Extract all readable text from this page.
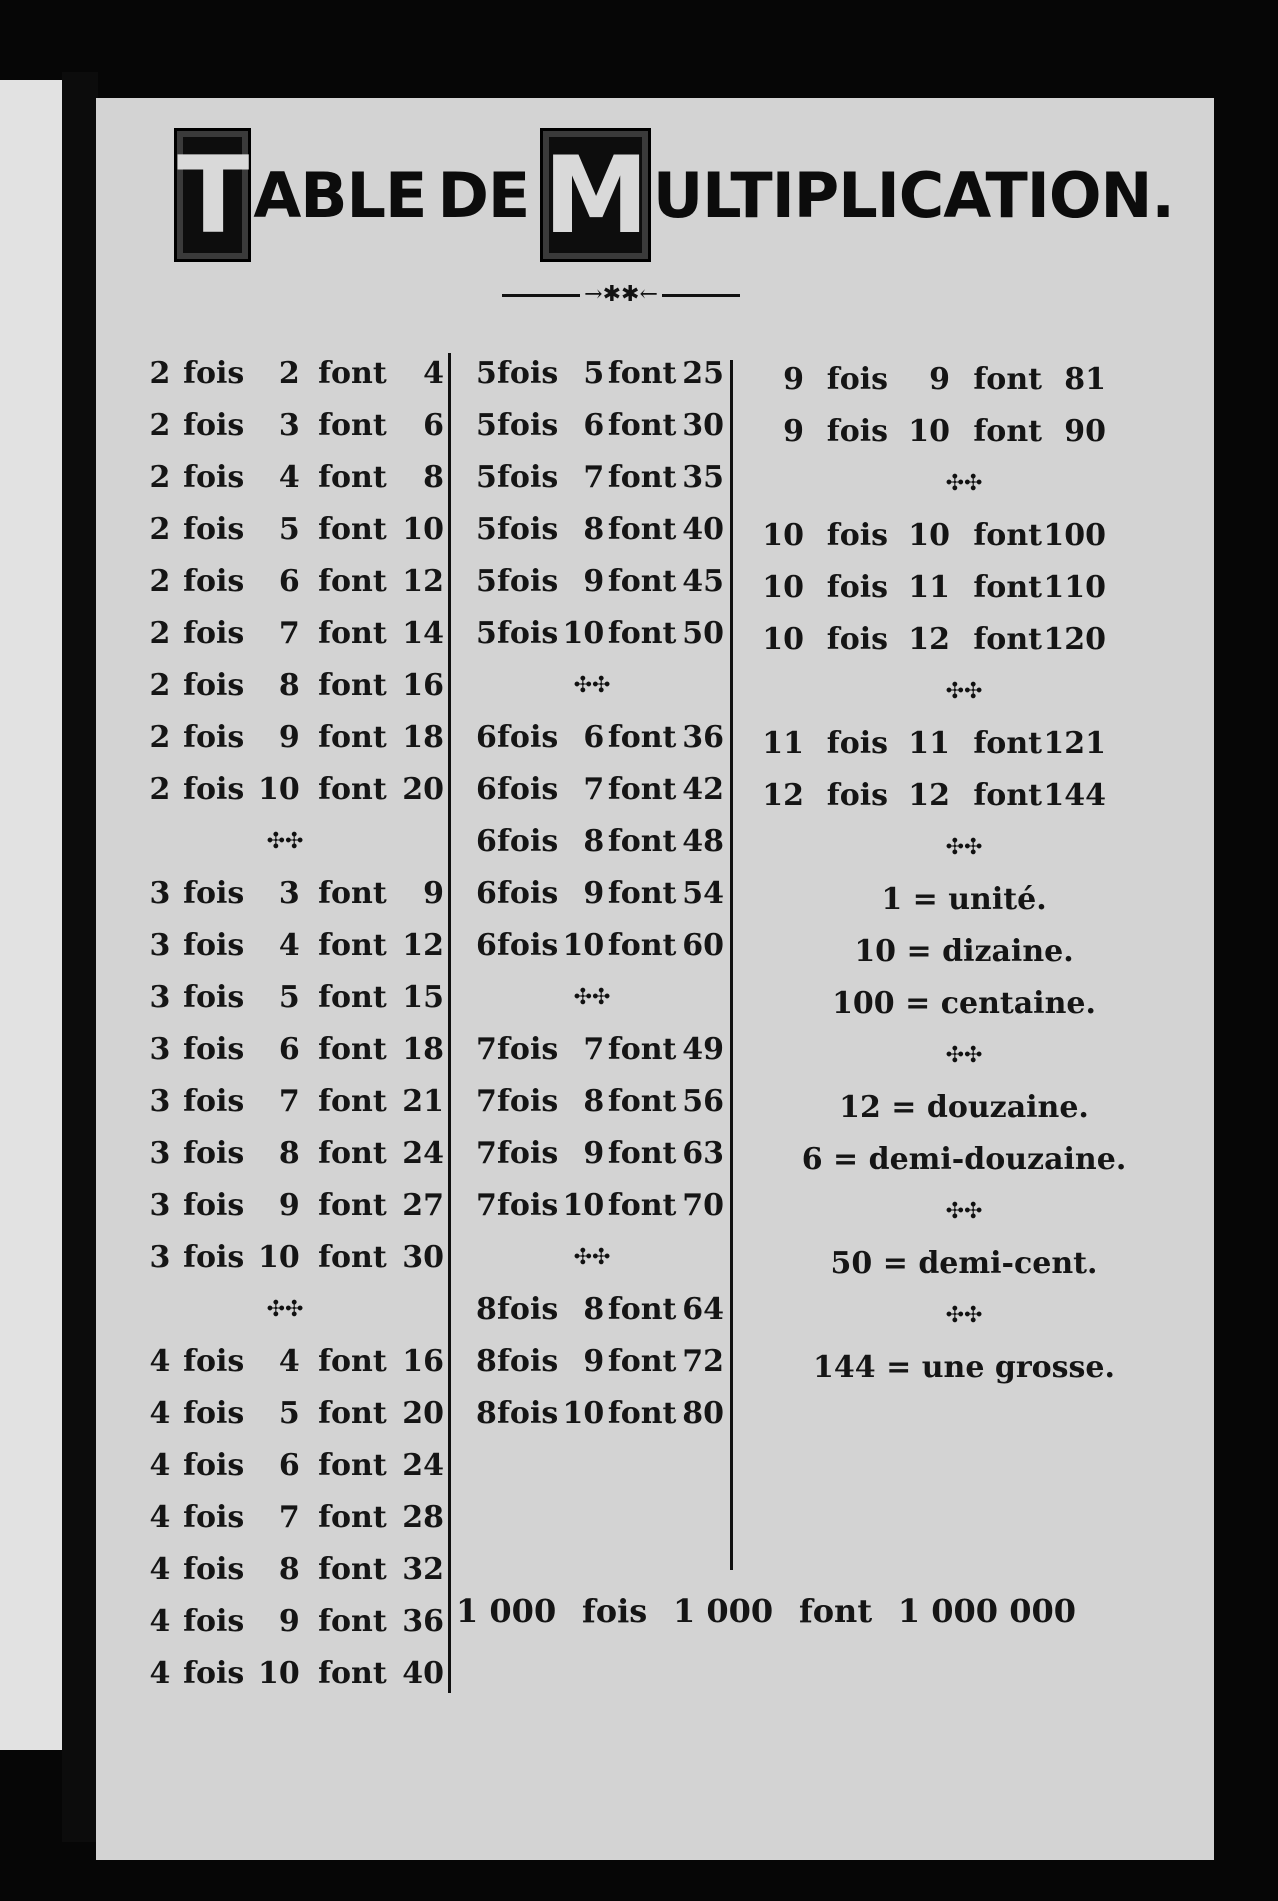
T ABLE DE M ULTIPLICATION.
→✱✱←
2 fois	2 font	4
2 fois	3 font	6
2 fois	4 font	8
2 fois	5 font 10
2 fois	6 font 12
2 fois	7 font 14
2 fois	8 font 16
2 fois	9 font 18
2 fois 10 font 20
✣✣
3 fois	3 font	9
3 fois	4 font 12
3 fois	5 font 15
3 fois	6 font 18
3 fois	7 font 21
3 fois	8 font 24
3 fois	9 font 27
3 fois 10 font 30
✣✣
4 fois	4 font 16
4 fois	5 font 20
4 fois	6 font 24
4 fois	7 font 28
4 fois	8 font 32
4 fois	9 font 36
4 fois 10 font 40
5 fois 5 font 25
5 fois 6 font 30
5 fois 7 font 35
5 fois 8 font 40
5 fois 9 font 45
5 fois 10 font 50
✣✣
6 fois 6 font 36
6 fois 7 font 42
6 fois 8 font 48
6 fois 9 font 54
6 fois 10 font 60
✣✣
7 fois 7 font 49
7 fois 8 font 56
7 fois 9 font 63
7 fois 10 font 70
✣✣
8 fois 8 font 64
8 fois 9 font 72
8 fois 10 font 80
9 fois	9 font 81
9 fois 10 font 90
✣✣
10 fois 10 font 100
10 fois 11 font 110
10 fois 12 font 120
✣✣
11 fois 11 font 121
12 fois 12 font 144
✣✣
1 = unité.
10 = dizaine.
100 = centaine.
✣✣
12 = douzaine.
6 = demi-douzaine.
✣✣
50 = demi-cent.
✣✣
144 = une grosse.
1 000 fois 1 000 font 1 000 000
